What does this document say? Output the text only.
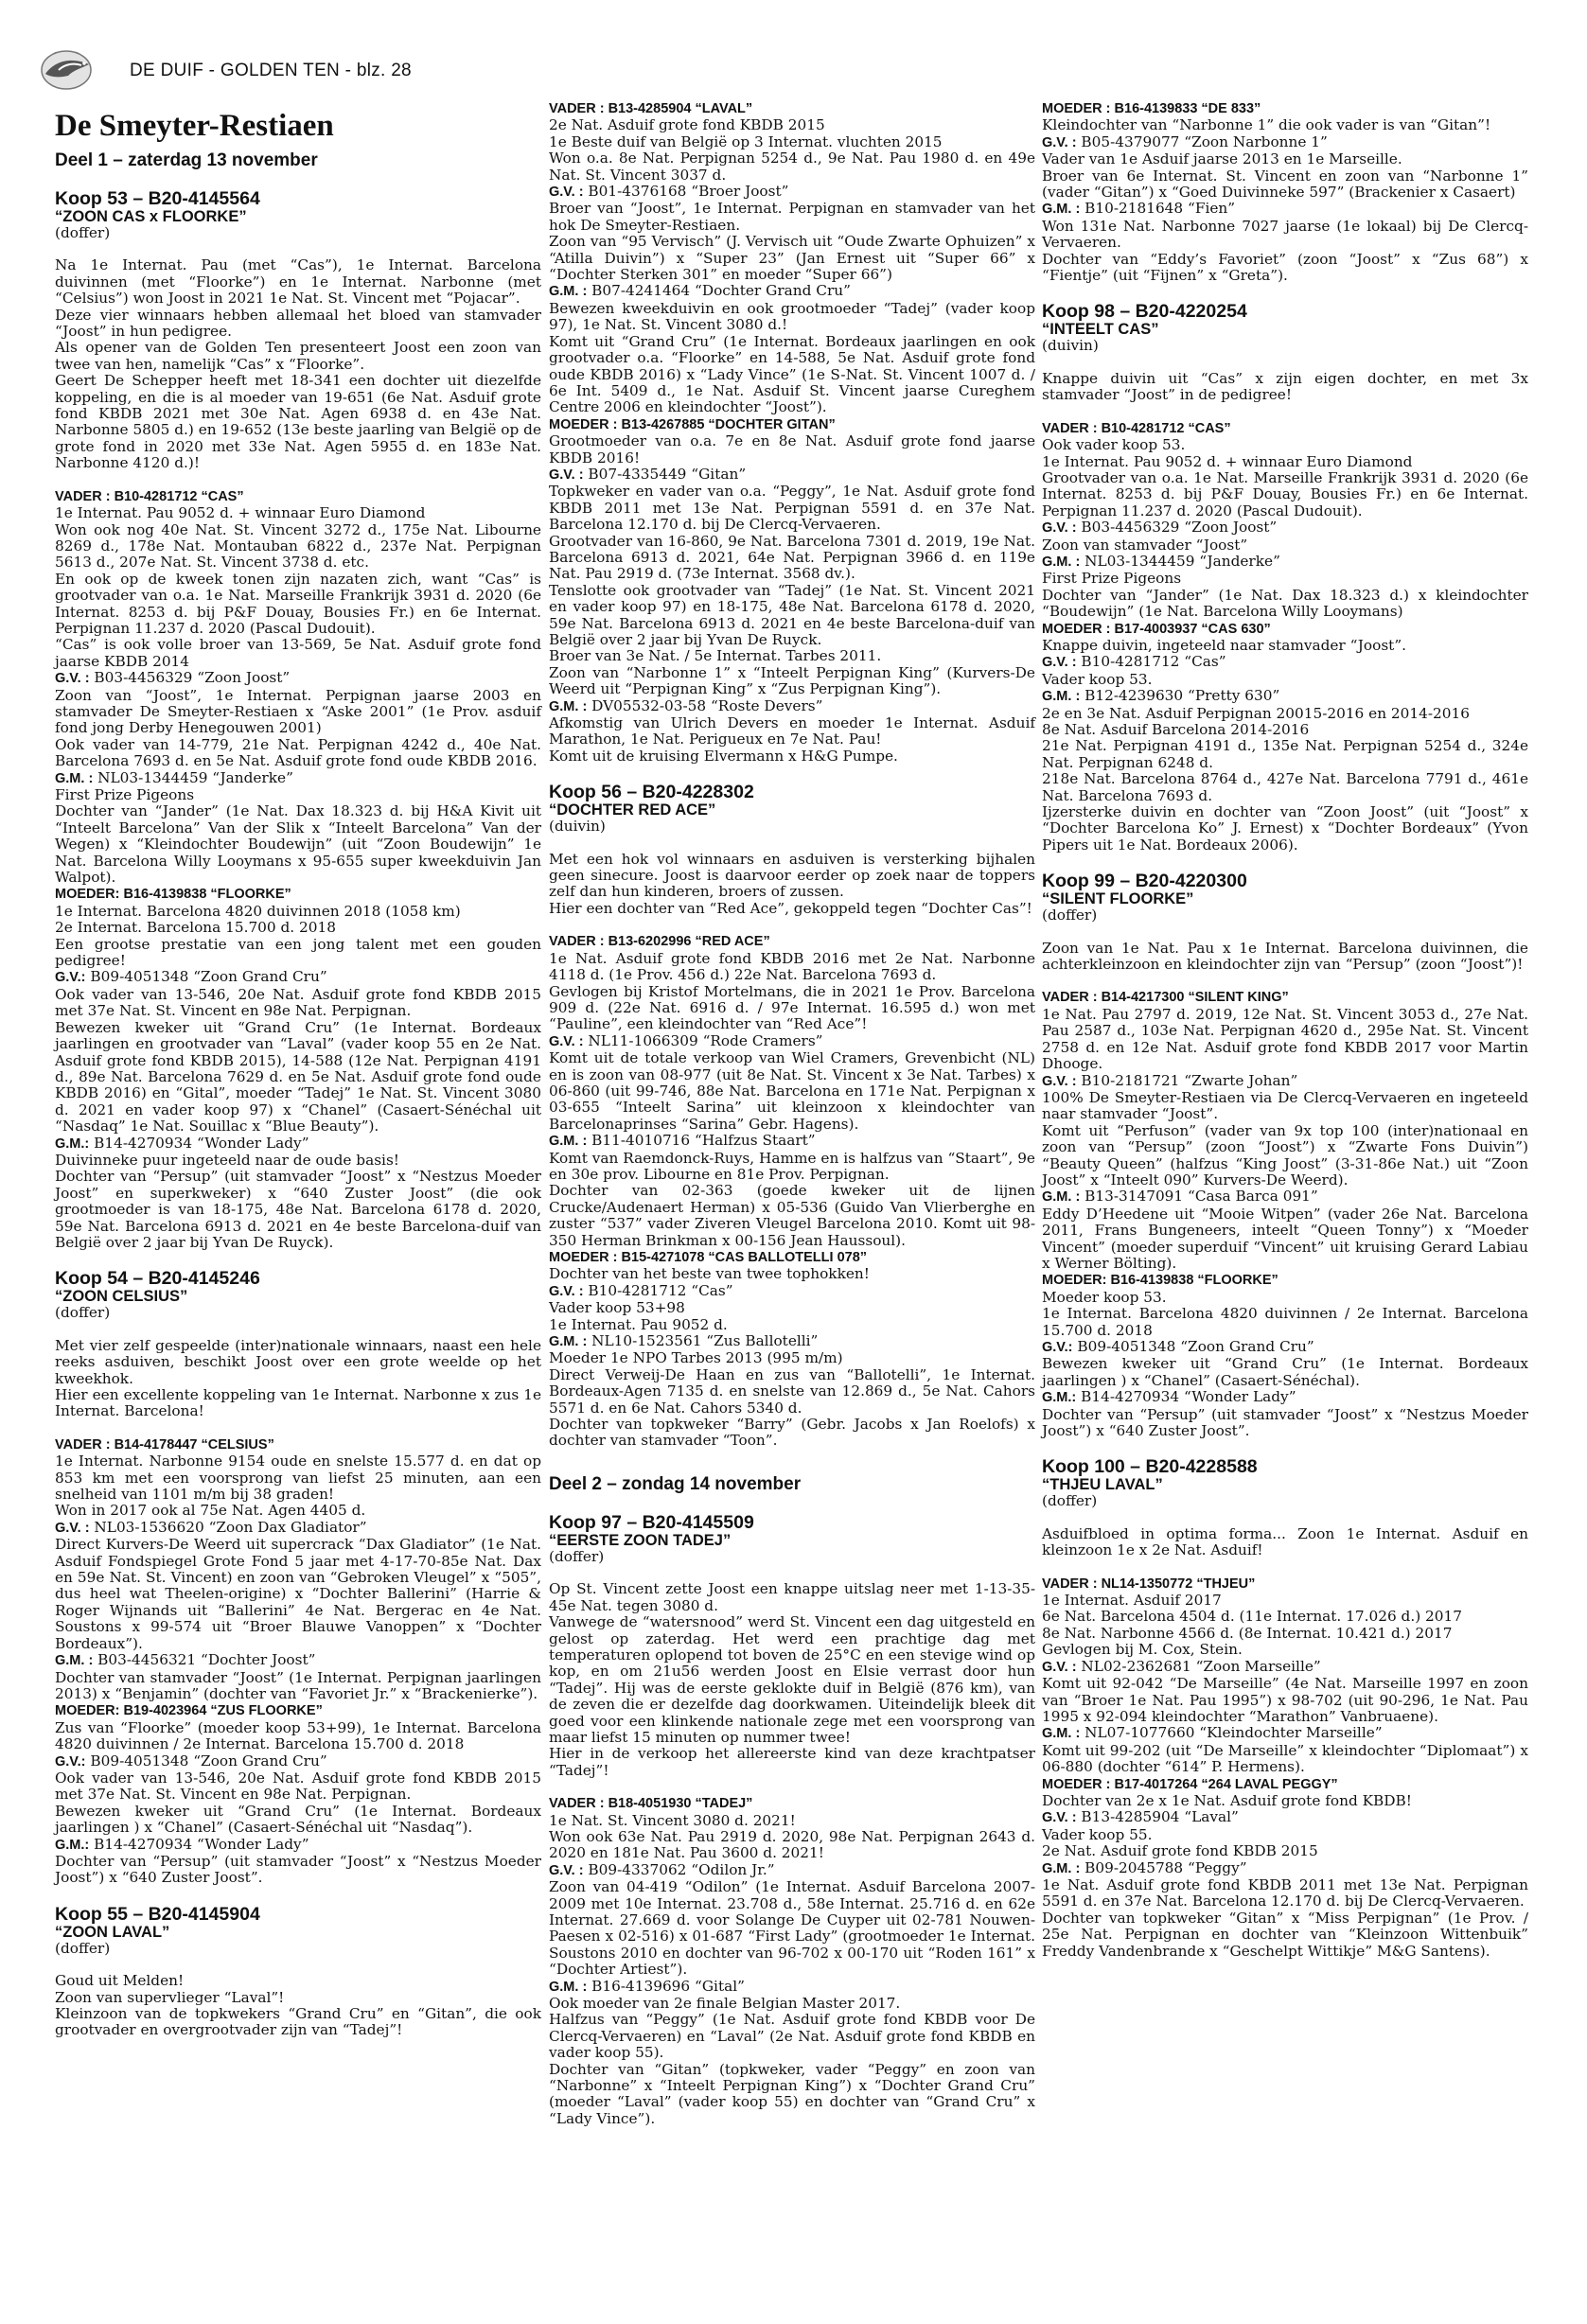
DE DUIF - GOLDEN TEN - blz. 28
De Smeyter-Restiaen
Deel 1 – zaterdag 13 november
Koop 53 – B20-4145564
“ZOON CAS x FLOORKE”
(doffer)
Na 1e Internat. Pau (met “Cas”), 1e Internat. Barcelona duivinnen (met “Floorke”) en 1e Internat. Narbonne (met “Celsius”) won Joost in 2021 1e Nat. St. Vincent met “Pojacar”.
Deze vier winnaars hebben allemaal het bloed van stamvader “Joost” in hun pedigree.
Als opener van de Golden Ten presenteert Joost een zoon van twee van hen, namelijk “Cas” x “Floorke”.
Geert De Schepper heeft met 18-341 een dochter uit diezelfde koppeling, en die is al moeder van 19-651 (6e Nat. Asduif grote fond KBDB 2021 met 30e Nat. Agen 6938 d. en 43e Nat. Narbonne 5805 d.) en 19-652 (13e beste jaarling van België op de grote fond in 2020 met 33e Nat. Agen 5955 d. en 183e Nat. Narbonne 4120 d.)!
VADER : B10-4281712 “CAS”
1e Internat. Pau 9052 d. + winnaar Euro Diamond
Won ook nog 40e Nat. St. Vincent 3272 d., 175e Nat. Libourne 8269 d., 178e Nat. Montauban 6822 d., 237e Nat. Perpignan 5613 d., 207e Nat. St. Vincent 3738 d. etc.
En ook op de kweek tonen zijn nazaten zich, want “Cas” is grootvader van o.a. 1e Nat. Marseille Frankrijk 3931 d. 2020 (6e Internat. 8253 d. bij P&F Douay, Bousies Fr.) en 6e Internat. Perpignan 11.237 d. 2020 (Pascal Dudouit).
“Cas” is ook volle broer van 13-569, 5e Nat. Asduif grote fond jaarse KBDB 2014
G.V. : B03-4456329 “Zoon Joost”
Zoon van “Joost”, 1e Internat. Perpignan jaarse 2003 en stamvader De Smeyter-Restiaen x “Aske 2001” (1e Prov. asduif fond jong Derby Henegouwen 2001)
Ook vader van 14-779, 21e Nat. Perpignan 4242 d., 40e Nat. Barcelona 7693 d. en 5e Nat. Asduif grote fond oude KBDB 2016.
G.M. : NL03-1344459 “Janderke”
First Prize Pigeons
Dochter van “Jander” (1e Nat. Dax 18.323 d. bij H&A Kivit uit “Inteelt Barcelona” Van der Slik x “Inteelt Barcelona” Van der Wegen) x “Kleindochter Boudewijn” (uit “Zoon Boudewijn” 1e Nat. Barcelona Willy Looymans x 95-655 super kweekduivin Jan Walpot).
MOEDER: B16-4139838 “FLOORKE”
1e Internat. Barcelona 4820 duivinnen 2018 (1058 km)
2e Internat. Barcelona 15.700 d. 2018
Een grootse prestatie van een jong talent met een gouden pedigree!
G.V.: B09-4051348 “Zoon Grand Cru”
Ook vader van 13-546, 20e Nat. Asduif grote fond KBDB 2015 met 37e Nat. St. Vincent en 98e Nat. Perpignan.
Bewezen kweker uit “Grand Cru” (1e Internat. Bordeaux jaarlingen en grootvader van “Laval” (vader koop 55 en 2e Nat. Asduif grote fond KBDB 2015), 14-588 (12e Nat. Perpignan 4191 d., 89e Nat. Barcelona 7629 d. en 5e Nat. Asduif grote fond oude KBDB 2016) en “Gital”, moeder “Tadej” 1e Nat. St. Vincent 3080 d. 2021 en vader koop 97) x “Chanel” (Casaert-Sénéchal uit “Nasdaq” 1e Nat. Souillac x “Blue Beauty”).
G.M.: B14-4270934 “Wonder Lady”
Duivinneke puur ingeteeld naar de oude basis!
Dochter van “Persup” (uit stamvader “Joost” x “Nestzus Moeder Joost” en superkweker) x “640 Zuster Joost” (die ook grootmoeder is van 18-175, 48e Nat. Barcelona 6178 d. 2020, 59e Nat. Barcelona 6913 d. 2021 en 4e beste Barcelona-duif van België over 2 jaar bij Yvan De Ruyck).
Koop 54 – B20-4145246
“ZOON CELSIUS”
(doffer)
Met vier zelf gespeelde (inter)nationale winnaars, naast een hele reeks asduiven, beschikt Joost over een grote weelde op het kweekhok.
Hier een excellente koppeling van 1e Internat. Narbonne x zus 1e Internat. Barcelona!
VADER : B14-4178447 “CELSIUS”
1e Internat. Narbonne 9154 oude en snelste 15.577 d. en dat op 853 km met een voorsprong van liefst 25 minuten, aan een snelheid van 1101 m/m bij 38 graden!
Won in 2017 ook al 75e Nat. Agen 4405 d.
G.V. : NL03-1536620 “Zoon Dax Gladiator”
Direct Kurvers-De Weerd uit supercrack “Dax Gladiator” (1e Nat. Asduif Fondspiegel Grote Fond 5 jaar met 4-17-70-85e Nat. Dax en 59e Nat. St. Vincent) en zoon van “Gebroken Vleugel” x “505”, dus heel wat Theelen-origine) x “Dochter Ballerini” (Harrie & Roger Wijnands uit “Ballerini” 4e Nat. Bergerac en 4e Nat. Soustons x 99-574 uit “Broer Blauwe Vanoppen” x “Dochter Bordeaux”).
G.M. : B03-4456321 “Dochter Joost”
Dochter van stamvader “Joost” (1e Internat. Perpignan jaarlingen 2013) x “Benjamin” (dochter van “Favoriet Jr.” x “Brackenierke”).
MOEDER: B19-4023964 “ZUS FLOORKE”
Zus van “Floorke” (moeder koop 53+99), 1e Internat. Barcelona 4820 duivinnen / 2e Internat. Barcelona 15.700 d. 2018
G.V.: B09-4051348 “Zoon Grand Cru”
Ook vader van 13-546, 20e Nat. Asduif grote fond KBDB 2015 met 37e Nat. St. Vincent en 98e Nat. Perpignan.
Bewezen kweker uit “Grand Cru” (1e Internat. Bordeaux jaarlingen ) x “Chanel” (Casaert-Sénéchal uit “Nasdaq”).
G.M.: B14-4270934 “Wonder Lady”
Dochter van “Persup” (uit stamvader “Joost” x “Nestzus Moeder Joost”) x “640 Zuster Joost”.
Koop 55 – B20-4145904
“ZOON LAVAL”
(doffer)
Goud uit Melden!
Zoon van supervlieger “Laval”!
Kleinzoon van de topkwekers “Grand Cru” en “Gitan”, die ook grootvader en overgrootvader zijn van “Tadej”!
VADER : B13-4285904 “LAVAL”
2e Nat. Asduif grote fond KBDB 2015
1e Beste duif van België op 3 Internat. vluchten 2015
Won o.a. 8e Nat. Perpignan 5254 d., 9e Nat. Pau 1980 d. en 49e Nat. St. Vincent 3037 d.
G.V. : B01-4376168 “Broer Joost”
Broer van “Joost”, 1e Internat. Perpignan en stamvader van het hok De Smeyter-Restiaen.
Zoon van “95 Vervisch” (J. Vervisch uit “Oude Zwarte Ophuizen” x “Atilla Duivin”) x “Super 23” (Jan Ernest uit “Super 66” x “Dochter Sterken 301” en moeder “Super 66”)
G.M. : B07-4241464 “Dochter Grand Cru”
Bewezen kweekduivin en ook grootmoeder “Tadej” (vader koop 97), 1e Nat. St. Vincent 3080 d.!
Komt uit “Grand Cru” (1e Internat. Bordeaux jaarlingen en ook grootvader o.a. “Floorke” en 14-588, 5e Nat. Asduif grote fond oude KBDB 2016) x “Lady Vince” (1e S-Nat. St. Vincent 1007 d. / 6e Int. 5409 d., 1e Nat. Asduif St. Vincent jaarse Cureghem Centre 2006 en kleindochter “Joost”).
MOEDER : B13-4267885 “DOCHTER GITAN”
Grootmoeder van o.a. 7e en 8e Nat. Asduif grote fond jaarse KBDB 2016!
G.V. : B07-4335449 “Gitan”
Topkweker en vader van o.a. “Peggy”, 1e Nat. Asduif grote fond KBDB 2011 met 13e Nat. Perpignan 5591 d. en 37e Nat. Barcelona 12.170 d. bij De Clercq-Vervaeren.
Grootvader van 16-860, 9e Nat. Barcelona 7301 d. 2019, 19e Nat. Barcelona 6913 d. 2021, 64e Nat. Perpignan 3966 d. en 119e Nat. Pau 2919 d. (73e Internat. 3568 dv.).
Tenslotte ook grootvader van “Tadej” (1e Nat. St. Vincent 2021 en vader koop 97) en 18-175, 48e Nat. Barcelona 6178 d. 2020, 59e Nat. Barcelona 6913 d. 2021 en 4e beste Barcelona-duif van België over 2 jaar bij Yvan De Ruyck.
Broer van 3e Nat. / 5e Internat. Tarbes 2011.
Zoon van “Narbonne 1” x “Inteelt Perpignan King” (Kurvers-De Weerd uit “Perpignan King” x “Zus Perpignan King”).
G.M. : DV05532-03-58 “Roste Devers”
Afkomstig van Ulrich Devers en moeder 1e Internat. Asduif Marathon, 1e Nat. Perigueux en 7e Nat. Pau!
Komt uit de kruising Elvermann x H&G Pumpe.
Koop 56 – B20-4228302
“DOCHTER RED ACE”
(duivin)
Met een hok vol winnaars en asduiven is versterking bijhalen geen sinecure. Joost is daarvoor eerder op zoek naar de toppers zelf dan hun kinderen, broers of zussen.
Hier een dochter van “Red Ace”, gekoppeld tegen “Dochter Cas”!
VADER : B13-6202996 “RED ACE”
1e Nat. Asduif grote fond KBDB 2016 met 2e Nat. Narbonne 4118 d. (1e Prov. 456 d.) 22e Nat. Barcelona 7693 d.
Gevlogen bij Kristof Mortelmans, die in 2021 1e Prov. Barcelona 909 d. (22e Nat. 6916 d. / 97e Internat. 16.595 d.) won met “Pauline”, een kleindochter van “Red Ace”!
G.V. : NL11-1066309 “Rode Cramers”
Komt uit de totale verkoop van Wiel Cramers, Grevenbicht (NL) en is zoon van 08-977 (uit 8e Nat. St. Vincent x 3e Nat. Tarbes) x 06-860 (uit 99-746, 88e Nat. Barcelona en 171e Nat. Perpignan x 03-655 “Inteelt Sarina” uit kleinzoon x kleindochter van Barcelonaprinses “Sarina” Gebr. Hagens).
G.M. : B11-4010716 “Halfzus Staart”
Komt van Raemdonck-Ruys, Hamme en is halfzus van “Staart”, 9e en 30e prov. Libourne en 81e Prov. Perpignan.
Dochter van 02-363 (goede kweker uit de lijnen Crucke/Audenaert Herman) x 05-536 (Guido Van Vlierberghe en zuster “537” vader Ziveren Vleugel Barcelona 2010. Komt uit 98-350 Herman Brinkman x 00-156 Jean Haussoul).
MOEDER : B15-4271078 “CAS BALLOTELLI 078”
Dochter van het beste van twee tophokken!
G.V. : B10-4281712 “Cas”
Vader koop 53+98
1e Internat. Pau 9052 d.
G.M. : NL10-1523561 “Zus Ballotelli”
Moeder 1e NPO Tarbes 2013 (995 m/m)
Direct Verweij-De Haan en zus van “Ballotelli”, 1e Internat. Bordeaux-Agen 7135 d. en snelste van 12.869 d., 5e Nat. Cahors 5571 d. en 6e Nat. Cahors 5340 d.
Dochter van topkweker “Barry” (Gebr. Jacobs x Jan Roelofs) x dochter van stamvader “Toon”.
Deel 2 – zondag 14 november
Koop 97 – B20-4145509
“EERSTE ZOON TADEJ”
(doffer)
Op St. Vincent zette Joost een knappe uitslag neer met 1-13-35-45e Nat. tegen 3080 d.
Vanwege de “watersnood” werd St. Vincent een dag uitgesteld en gelost op zaterdag. Het werd een prachtige dag met temperaturen oplopend tot boven de 25°C en een stevige wind op kop, en om 21u56 werden Joost en Elsie verrast door hun “Tadej”. Hij was de eerste geklokte duif in België (876 km), van de zeven die er dezelfde dag doorkwamen. Uiteindelijk bleek dit goed voor een klinkende nationale zege met een voorsprong van maar liefst 15 minuten op nummer twee!
Hier in de verkoop het allereerste kind van deze krachtpatser “Tadej”!
VADER : B18-4051930 “TADEJ”
1e Nat. St. Vincent 3080 d. 2021!
Won ook 63e Nat. Pau 2919 d. 2020, 98e Nat. Perpignan 2643 d. 2020 en 181e Nat. Pau 3600 d. 2021!
G.V. : B09-4337062 “Odilon Jr.”
Zoon van 04-419 “Odilon” (1e Internat. Asduif Barcelona 2007-2009 met 10e Internat. 23.708 d., 58e Internat. 25.716 d. en 62e Internat. 27.669 d. voor Solange De Cuyper uit 02-781 Nouwen-Paesen x 02-516) x 01-687 “First Lady” (grootmoeder 1e Internat. Soustons 2010 en dochter van 96-702 x 00-170 uit “Roden 161” x “Dochter Artiest”).
G.M. : B16-4139696 “Gital”
Ook moeder van 2e finale Belgian Master 2017.
Halfzus van “Peggy” (1e Nat. Asduif grote fond KBDB voor De Clercq-Vervaeren) en “Laval” (2e Nat. Asduif grote fond KBDB en vader koop 55).
Dochter van “Gitan” (topkweker, vader “Peggy” en zoon van “Narbonne” x “Inteelt Perpignan King”) x “Dochter Grand Cru” (moeder “Laval” (vader koop 55) en dochter van “Grand Cru” x “Lady Vince”).
MOEDER : B16-4139833 “DE 833”
Kleindochter van “Narbonne 1” die ook vader is van “Gitan”!
G.V. : B05-4379077 “Zoon Narbonne 1”
Vader van 1e Asduif jaarse 2013 en 1e Marseille.
Broer van 6e Internat. St. Vincent en zoon van “Narbonne 1” (vader “Gitan”) x “Goed Duivinneke 597” (Brackenier x Casaert)
G.M. : B10-2181648 “Fien”
Won 131e Nat. Narbonne 7027 jaarse (1e lokaal) bij De Clercq-Vervaeren.
Dochter van “Eddy’s Favoriet” (zoon “Joost” x “Zus 68”) x “Fientje” (uit “Fijnen” x “Greta”).
Koop 98 – B20-4220254
“INTEELT CAS”
(duivin)
Knappe duivin uit “Cas” x zijn eigen dochter, en met 3x stamvader “Joost” in de pedigree!
VADER : B10-4281712 “CAS”
Ook vader koop 53.
1e Internat. Pau 9052 d. + winnaar Euro Diamond
Grootvader van o.a. 1e Nat. Marseille Frankrijk 3931 d. 2020 (6e Internat. 8253 d. bij P&F Douay, Bousies Fr.) en 6e Internat. Perpignan 11.237 d. 2020 (Pascal Dudouit).
G.V. : B03-4456329 “Zoon Joost”
Zoon van stamvader “Joost”
G.M. : NL03-1344459 “Janderke”
First Prize Pigeons
Dochter van “Jander” (1e Nat. Dax 18.323 d.) x kleindochter “Boudewijn” (1e Nat. Barcelona Willy Looymans)
MOEDER : B17-4003937 “CAS 630”
Knappe duivin, ingeteeld naar stamvader “Joost”.
G.V. : B10-4281712 “Cas”
Vader koop 53.
G.M. : B12-4239630 “Pretty 630”
2e en 3e Nat. Asduif Perpignan 20015-2016 en 2014-2016
8e Nat. Asduif Barcelona 2014-2016
21e Nat. Perpignan 4191 d., 135e Nat. Perpignan 5254 d., 324e Nat. Perpignan 6248 d.
218e Nat. Barcelona 8764 d., 427e Nat. Barcelona 7791 d., 461e Nat. Barcelona 7693 d.
Ijzersterke duivin en dochter van “Zoon Joost” (uit “Joost” x “Dochter Barcelona Ko” J. Ernest) x “Dochter Bordeaux” (Yvon Pipers uit 1e Nat. Bordeaux 2006).
Koop 99 – B20-4220300
“SILENT FLOORKE”
(doffer)
Zoon van 1e Nat. Pau x 1e Internat. Barcelona duivinnen, die achterkleinzoon en kleindochter zijn van “Persup” (zoon “Joost”)!
VADER : B14-4217300 “SILENT KING”
1e Nat. Pau 2797 d. 2019, 12e Nat. St. Vincent 3053 d., 27e Nat. Pau 2587 d., 103e Nat. Perpignan 4620 d., 295e Nat. St. Vincent 2758 d. en 12e Nat. Asduif grote fond KBDB 2017 voor Martin Dhooge.
G.V. : B10-2181721 “Zwarte Johan”
100% De Smeyter-Restiaen via De Clercq-Vervaeren en ingeteeld naar stamvader “Joost”.
Komt uit “Perfuson” (vader van 9x top 100 (inter)nationaal en zoon van “Persup” (zoon “Joost”) x “Zwarte Fons Duivin”) “Beauty Queen” (halfzus “King Joost” (3-31-86e Nat.) uit “Zoon Joost” x “Inteelt 090” Kurvers-De Weerd).
G.M. : B13-3147091 “Casa Barca 091”
Eddy D’Heedene uit “Mooie Witpen” (vader 26e Nat. Barcelona 2011, Frans Bungeneers, inteelt “Queen Tonny”) x “Moeder Vincent” (moeder superduif “Vincent” uit kruising Gerard Labiau x Werner Bölting).
MOEDER: B16-4139838 “FLOORKE”
Moeder koop 53.
1e Internat. Barcelona 4820 duivinnen / 2e Internat. Barcelona 15.700 d. 2018
G.V.: B09-4051348 “Zoon Grand Cru”
Bewezen kweker uit “Grand Cru” (1e Internat. Bordeaux jaarlingen ) x “Chanel” (Casaert-Sénéchal).
G.M.: B14-4270934 “Wonder Lady”
Dochter van “Persup” (uit stamvader “Joost” x “Nestzus Moeder Joost”) x “640 Zuster Joost”.
Koop 100 – B20-4228588
“THJEU LAVAL”
(doffer)
Asduifbloed in optima forma... Zoon 1e Internat. Asduif en kleinzoon 1e x 2e Nat. Asduif!
VADER : NL14-1350772 “THJEU”
1e Internat. Asduif 2017
6e Nat. Barcelona 4504 d. (11e Internat. 17.026 d.) 2017
8e Nat. Narbonne 4566 d. (8e Internat. 10.421 d.) 2017
Gevlogen bij M. Cox, Stein.
G.V. : NL02-2362681 “Zoon Marseille”
Komt uit 92-042 “De Marseille” (4e Nat. Marseille 1997 en zoon van “Broer 1e Nat. Pau 1995”) x 98-702 (uit 90-296, 1e Nat. Pau 1995 x 92-094 kleindochter “Marathon” Vanbruaene).
G.M. : NL07-1077660 “Kleindochter Marseille”
Komt uit 99-202 (uit “De Marseille” x kleindochter “Diplomaat”) x 06-880 (dochter “614” P. Hermens).
MOEDER : B17-4017264 “264 LAVAL PEGGY”
Dochter van 2e x 1e Nat. Asduif grote fond KBDB!
G.V. : B13-4285904 “Laval”
Vader koop 55.
2e Nat. Asduif grote fond KBDB 2015
G.M. : B09-2045788 “Peggy”
1e Nat. Asduif grote fond KBDB 2011 met 13e Nat. Perpignan 5591 d. en 37e Nat. Barcelona 12.170 d. bij De Clercq-Vervaeren.
Dochter van topkweker “Gitan” x “Miss Perpignan” (1e Prov. / 25e Nat. Perpignan en dochter van “Kleinzoon Wittenbuik” Freddy Vandenbrande x “Geschelpt Wittikje” M&G Santens).
